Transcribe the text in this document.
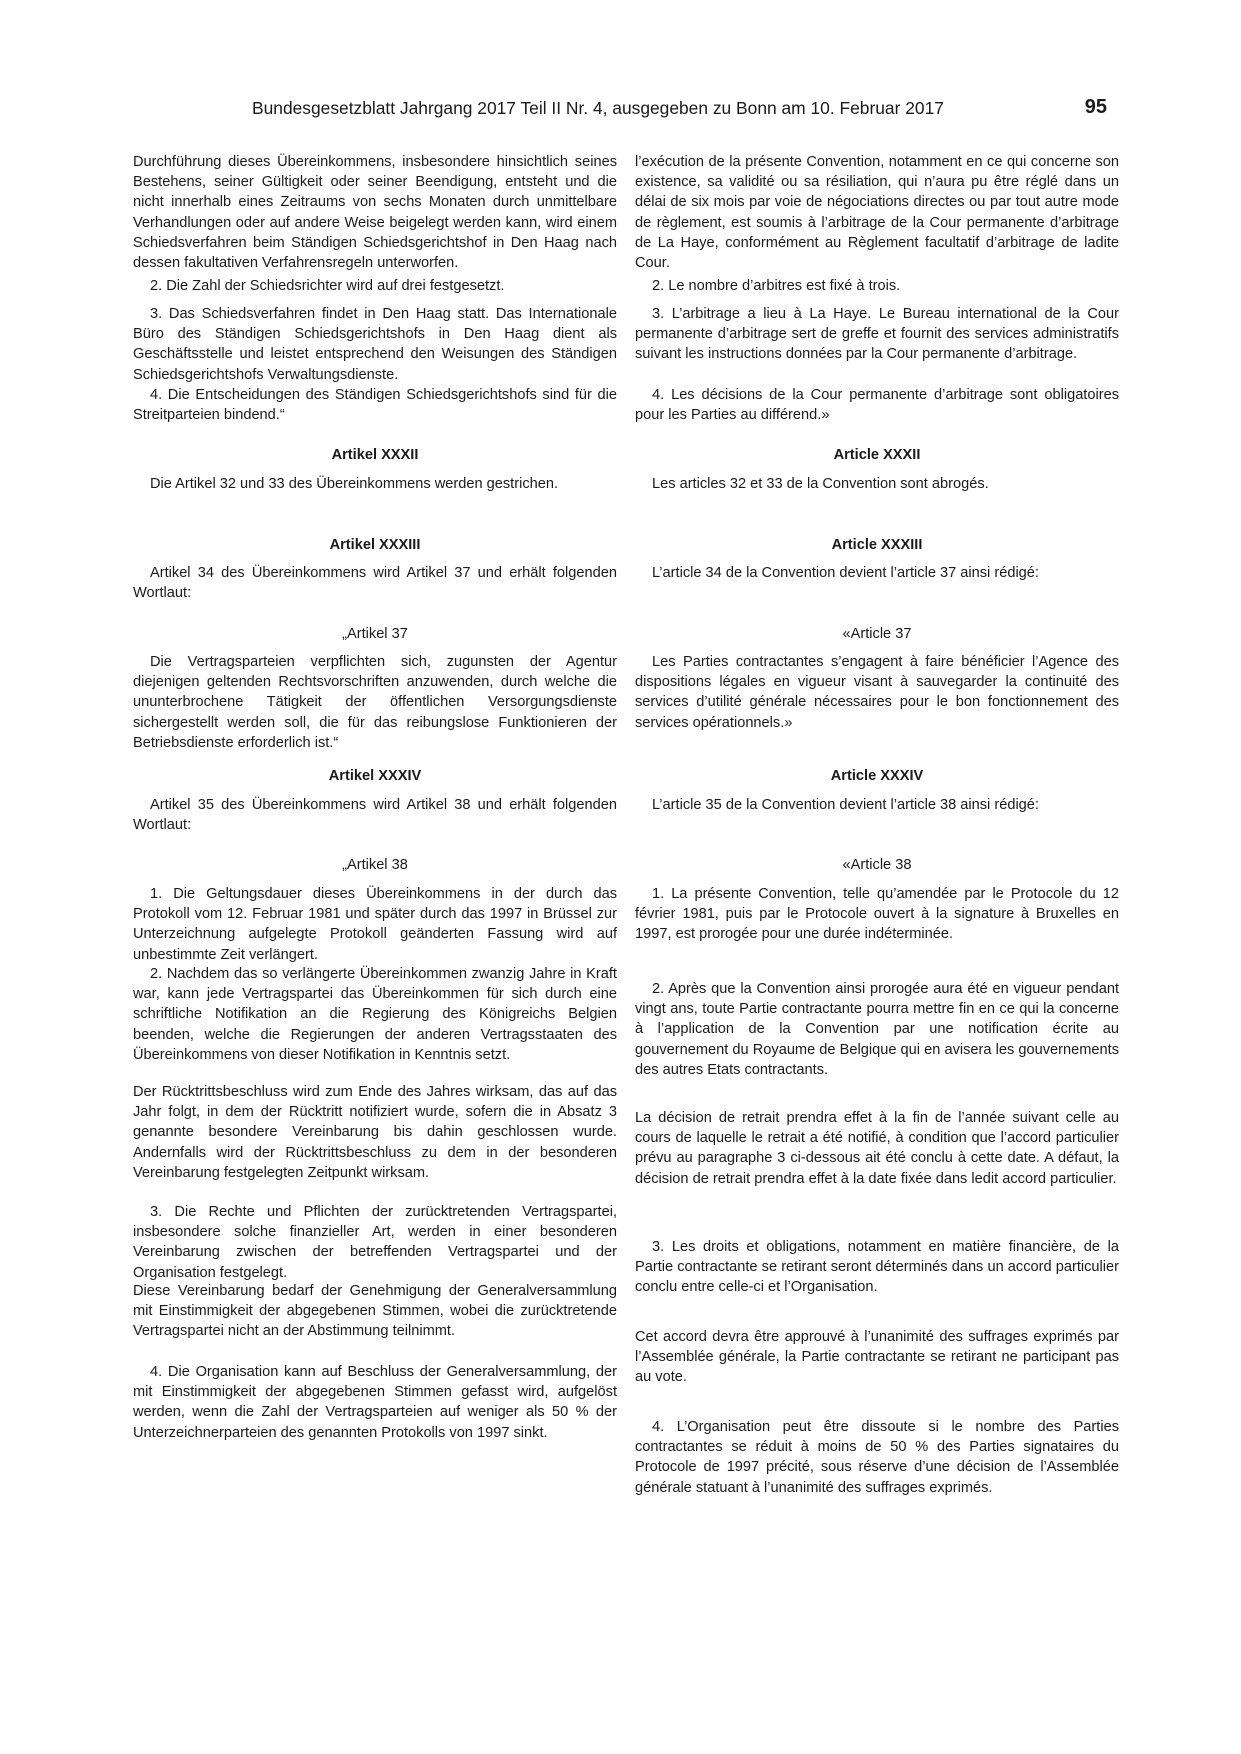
Bundesgesetzblatt Jahrgang 2017 Teil II Nr. 4, ausgegeben zu Bonn am 10. Februar 2017	95

Durchführung dieses Übereinkommens, insbesondere hinsichtlich seines Bestehens, seiner Gültigkeit oder seiner Beendigung, entsteht und die nicht innerhalb eines Zeitraums von sechs Monaten durch unmittelbare Verhandlungen oder auf andere Weise beigelegt werden kann, wird einem Schiedsverfahren beim Ständigen Schiedsgerichtshof in Den Haag nach dessen fakultativen Verfahrensregeln unterworfen.

2. Die Zahl der Schiedsrichter wird auf drei festgesetzt.

3. Das Schiedsverfahren findet in Den Haag statt. Das Internationale Büro des Ständigen Schiedsgerichtshofs in Den Haag dient als Geschäftsstelle und leistet entsprechend den Weisungen des Ständigen Schiedsgerichtshofs Verwaltungsdienste.

4. Die Entscheidungen des Ständigen Schiedsgerichtshofs sind für die Streitparteien bindend.“

Artikel XXXII

Die Artikel 32 und 33 des Übereinkommens werden gestrichen.

Artikel XXXIII

Artikel 34 des Übereinkommens wird Artikel 37 und erhält folgenden Wortlaut:

„Artikel 37

Die Vertragsparteien verpflichten sich, zugunsten der Agentur diejenigen geltenden Rechtsvorschriften anzuwenden, durch welche die ununterbrochene Tätigkeit der öffentlichen Versorgungsdienste sichergestellt werden soll, die für das reibungslose Funktionieren der Betriebsdienste erforderlich ist.“

Artikel XXXIV

Artikel 35 des Übereinkommens wird Artikel 38 und erhält folgenden Wortlaut:

„Artikel 38

1. Die Geltungsdauer dieses Übereinkommens in der durch das Protokoll vom 12. Februar 1981 und später durch das 1997 in Brüssel zur Unterzeichnung aufgelegte Protokoll geänderten Fassung wird auf unbestimmte Zeit verlängert.

2. Nachdem das so verlängerte Übereinkommen zwanzig Jahre in Kraft war, kann jede Vertragspartei das Übereinkommen für sich durch eine schriftliche Notifikation an die Regierung des Königreichs Belgien beenden, welche die Regierungen der anderen Vertragsstaaten des Übereinkommens von dieser Notifikation in Kenntnis setzt.

Der Rücktrittsbeschluss wird zum Ende des Jahres wirksam, das auf das Jahr folgt, in dem der Rücktritt notifiziert wurde, sofern die in Absatz 3 genannte besondere Vereinbarung bis dahin geschlossen wurde. Andernfalls wird der Rücktrittsbeschluss zu dem in der besonderen Vereinbarung festgelegten Zeitpunkt wirksam.

3. Die Rechte und Pflichten der zurücktretenden Vertragspartei, insbesondere solche finanzieller Art, werden in einer besonderen Vereinbarung zwischen der betreffenden Vertragspartei und der Organisation festgelegt.

Diese Vereinbarung bedarf der Genehmigung der Generalversammlung mit Einstimmigkeit der abgegebenen Stimmen, wobei die zurücktretende Vertragspartei nicht an der Abstimmung teilnimmt.

4. Die Organisation kann auf Beschluss der Generalversammlung, der mit Einstimmigkeit der abgegebenen Stimmen gefasst wird, aufgelöst werden, wenn die Zahl der Vertragsparteien auf weniger als 50 % der Unterzeichnerparteien des genannten Protokolls von 1997 sinkt.

l’exécution de la présente Convention, notamment en ce qui concerne son existence, sa validité ou sa résiliation, qui n’aura pu être réglé dans un délai de six mois par voie de négociations directes ou par tout autre mode de règlement, est soumis à l’arbitrage de la Cour permanente d’arbitrage de La Haye, conformément au Règlement facultatif d’arbitrage de ladite Cour.

2. Le nombre d’arbitres est fixé à trois.

3. L’arbitrage a lieu à La Haye. Le Bureau international de la Cour permanente d’arbitrage sert de greffe et fournit des services administratifs suivant les instructions données par la Cour permanente d’arbitrage.

4. Les décisions de la Cour permanente d’arbitrage sont obligatoires pour les Parties au différend.»

Article XXXII

Les articles 32 et 33 de la Convention sont abrogés.

Article XXXIII

L’article 34 de la Convention devient l’article 37 ainsi rédigé:

«Article 37

Les Parties contractantes s’engagent à faire bénéficier l’Agence des dispositions légales en vigueur visant à sauvegarder la continuité des services d’utilité générale nécessaires pour le bon fonctionnement des services opérationnels.»

Article XXXIV

L’article 35 de la Convention devient l’article 38 ainsi rédigé:

«Article 38

1. La présente Convention, telle qu’amendée par le Protocole du 12 février 1981, puis par le Protocole ouvert à la signature à Bruxelles en 1997, est prorogée pour une durée indéterminée.

2. Après que la Convention ainsi prorogée aura été en vigueur pendant vingt ans, toute Partie contractante pourra mettre fin en ce qui la concerne à l’application de la Convention par une notification écrite au gouvernement du Royaume de Belgique qui en avisera les gouvernements des autres Etats contractants.

La décision de retrait prendra effet à la fin de l’année suivant celle au cours de laquelle le retrait a été notifié, à condition que l’accord particulier prévu au paragraphe 3 ci-dessous ait été conclu à cette date. A défaut, la décision de retrait prendra effet à la date fixée dans ledit accord particulier.

3. Les droits et obligations, notamment en matière financière, de la Partie contractante se retirant seront déterminés dans un accord particulier conclu entre celle-ci et l’Organisation.

Cet accord devra être approuvé à l’unanimité des suffrages exprimés par l’Assemblée générale, la Partie contractante se retirant ne participant pas au vote.

4. L’Organisation peut être dissoute si le nombre des Parties contractantes se réduit à moins de 50 % des Parties signataires du Protocole de 1997 précité, sous réserve d’une décision de l’Assemblée générale statuant à l’unanimité des suffrages exprimés.
